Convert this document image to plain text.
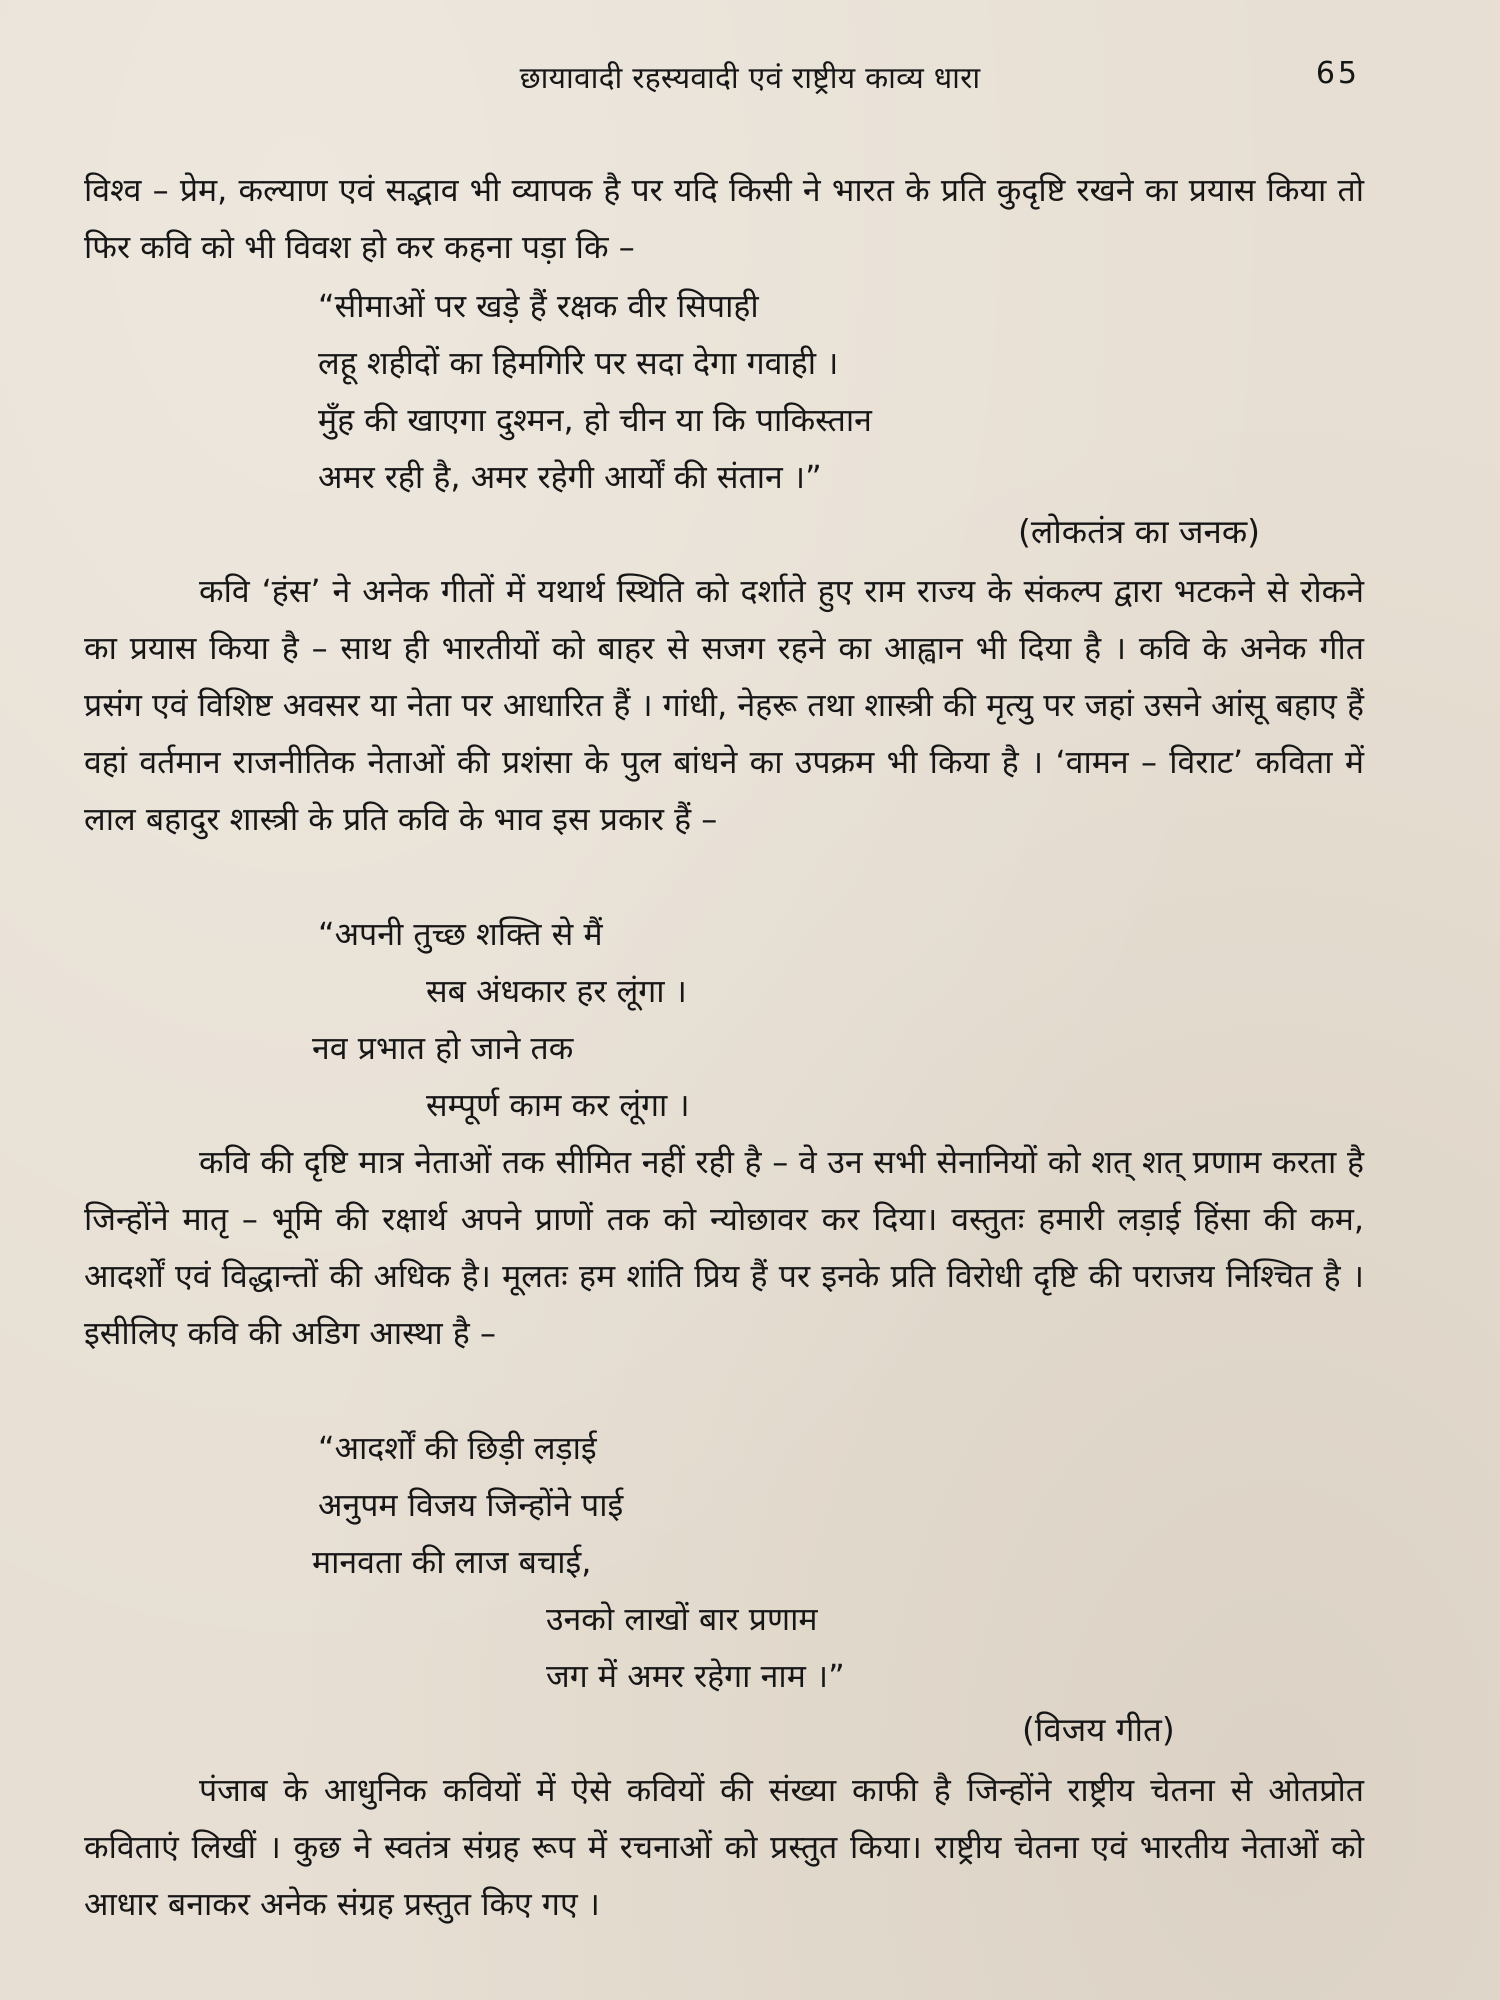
छायावादी रहस्यवादी एवं राष्ट्रीय काव्य धारा	65

विश्व – प्रेम, कल्याण एवं सद्भाव भी व्यापक है पर यदि किसी ने भारत के प्रति कुदृष्टि रखने का प्रयास किया तो फिर कवि को भी विवश हो कर कहना पड़ा कि –

“सीमाओं पर खड़े हैं रक्षक वीर सिपाही
लहू शहीदों का हिमगिरि पर सदा देगा गवाही ।
मुँह की खाएगा दुश्मन, हो चीन या कि पाकिस्तान
अमर रही है, अमर रहेगी आर्यों की संतान ।”
(लोकतंत्र का जनक)

कवि ‘हंस’ ने अनेक गीतों में यथार्थ स्थिति को दर्शाते हुए राम राज्य के संकल्प द्वारा भटकने से रोकने का प्रयास किया है – साथ ही भारतीयों को बाहर से सजग रहने का आह्वान भी दिया है । कवि के अनेक गीत प्रसंग एवं विशिष्ट अवसर या नेता पर आधारित हैं । गांधी, नेहरू तथा शास्त्री की मृत्यु पर जहां उसने आंसू बहाए हैं वहां वर्तमान राजनीतिक नेताओं की प्रशंसा के पुल बांधने का उपक्रम भी किया है । ‘वामन – विराट’ कविता में लाल बहादुर शास्त्री के प्रति कवि के भाव इस प्रकार हैं –

“अपनी तुच्छ शक्ति से मैं
सब अंधकार हर लूंगा ।
नव प्रभात हो जाने तक
सम्पूर्ण काम कर लूंगा ।

कवि की दृष्टि मात्र नेताओं तक सीमित नहीं रही है – वे उन सभी सेनानियों को शत् शत् प्रणाम करता है जिन्होंने मातृ – भूमि की रक्षार्थ अपने प्राणों तक को न्योछावर कर दिया। वस्तुतः हमारी लड़ाई हिंसा की कम, आदर्शों एवं विद्धान्तों की अधिक है। मूलतः हम शांति प्रिय हैं पर इनके प्रति विरोधी दृष्टि की पराजय निश्चित है । इसीलिए कवि की अडिग आस्था है –

“आदर्शों की छिड़ी लड़ाई
अनुपम विजय जिन्होंने पाई
मानवता की लाज बचाई,
उनको लाखों बार प्रणाम
जग में अमर रहेगा नाम ।”
(विजय गीत)

पंजाब के आधुनिक कवियों में ऐसे कवियों की संख्या काफी है जिन्होंने राष्ट्रीय चेतना से ओतप्रोत कविताएं लिखीं । कुछ ने स्वतंत्र संग्रह रूप में रचनाओं को प्रस्तुत किया। राष्ट्रीय चेतना एवं भारतीय नेताओं को आधार बनाकर अनेक संग्रह प्रस्तुत किए गए ।
